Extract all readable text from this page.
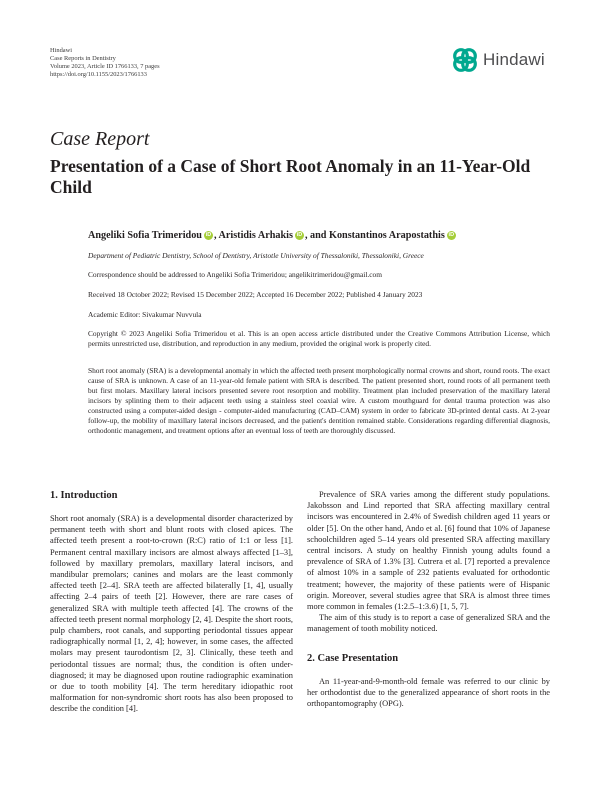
Hindawi
Case Reports in Dentistry
Volume 2023, Article ID 1766133, 7 pages
https://doi.org/10.1155/2023/1766133
Hindawi
Case Report
Presentation of a Case of Short Root Anomaly in an 11-Year-Old Child
Angeliki Sofia Trimeridou iD , Aristidis Arhakis iD , and Konstantinos Arapostathis iD
Department of Pediatric Dentistry, School of Dentistry, Aristotle University of Thessaloniki, Thessaloniki, Greece
Correspondence should be addressed to Angeliki Sofia Trimeridou; angelikitrimeridou@gmail.com
Received 18 October 2022; Revised 15 December 2022; Accepted 16 December 2022; Published 4 January 2023
Academic Editor: Sivakumar Nuvvula
Copyright © 2023 Angeliki Sofia Trimeridou et al. This is an open access article distributed under the Creative Commons Attribution License, which permits unrestricted use, distribution, and reproduction in any medium, provided the original work is properly cited.
Short root anomaly (SRA) is a developmental anomaly in which the affected teeth present morphologically normal crowns and short, round roots. The exact cause of SRA is unknown. A case of an 11-year-old female patient with SRA is described. The patient presented short, round roots of all permanent teeth but first molars. Maxillary lateral incisors presented severe root resorption and mobility. Treatment plan included preservation of the maxillary lateral incisors by splinting them to their adjacent teeth using a stainless steel coaxial wire. A custom mouthguard for dental trauma protection was also constructed using a computer-aided design - computer-aided manufacturing (CAD–CAM) system in order to fabricate 3D-printed dental casts. At 2-year follow-up, the mobility of maxillary lateral incisors decreased, and the patient's dentition remained stable. Considerations regarding differential diagnosis, orthodontic management, and treatment options after an eventual loss of teeth are thoroughly discussed.
1. Introduction

Short root anomaly (SRA) is a developmental disorder characterized by permanent teeth with short and blunt roots with closed apices. The affected teeth present a root-to-crown (R:C) ratio of 1:1 or less [1]. Permanent central maxillary incisors are almost always affected [1–3], followed by maxillary premolars, maxillary lateral incisors, and mandibular premolars; canines and molars are the least commonly affected teeth [2–4]. SRA teeth are affected bilaterally [1, 4], usually affecting 2–4 pairs of teeth [2]. However, there are rare cases of generalized SRA with multiple teeth affected [4]. The crowns of the affected teeth present normal morphology [2, 4]. Despite the short roots, pulp chambers, root canals, and supporting periodontal tissues appear radiographically normal [1, 2, 4]; however, in some cases, the affected molars may present taurodontism [2, 3]. Clinically, these teeth and periodontal tissues are normal; thus, the condition is often under-diagnosed; it may be diagnosed upon routine radiographic examination or due to tooth mobility [4]. The term hereditary idiopathic root malformation for non-syndromic short roots has also been proposed to describe the condition [4].

Prevalence of SRA varies among the different study populations. Jakobsson and Lind reported that SRA affecting maxillary central incisors was encountered in 2.4% of Swedish children aged 11 years or older [5]. On the other hand, Ando et al. [6] found that 10% of Japanese schoolchildren aged 5–14 years old presented SRA affecting maxillary central incisors. A study on healthy Finnish young adults found a prevalence of SRA of 1.3% [3]. Cutrera et al. [7] reported a prevalence of almost 10% in a sample of 232 patients evaluated for orthodontic treatment; however, the majority of these patients were of Hispanic origin. Moreover, several studies agree that SRA is almost three times more common in females (1:2.5–1:3.6) [1, 5, 7].

The aim of this study is to report a case of generalized SRA and the management of tooth mobility noticed.

2. Case Presentation

An 11-year-and-9-month-old female was referred to our clinic by her orthodontist due to the generalized appearance of short roots in the orthopantomography (OPG).
